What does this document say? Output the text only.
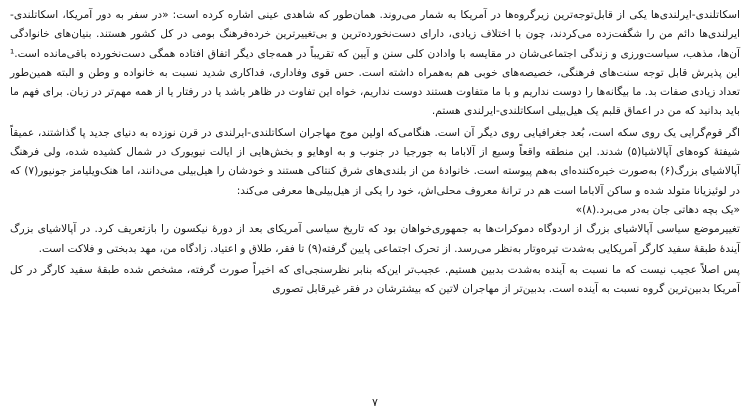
اسکاتلندی-ایرلندی‌ها یکی از قابل‌توجه‌ترین زیرگروه‌ها در آمریکا به شمار می‌روند. همان‌طور که شاهدی عینی اشاره کرده است: «در سفر به دور آمریکا، اسکاتلندی-ایرلندی‌ها دائم من را شگفت‌زده می‌کردند، چون با اختلاف زیادی، دارای دست‌نخورده‌ترین و بی‌تغییرترین خرده‌فرهنگ بومی در کل کشور هستند. بنیان‌های خانوادگی آن‌ها، مذهب، سیاست‌ورزی و زندگی اجتماعی‌شان در مقایسه با وادادن کلی سنن و آیین که تقریباً در همه‌جای دیگر اتفاق افتاده همگی دست‌نخورده باقی‌مانده است.¹ این پذیرش قابل توجه سنت‌های فرهنگی، خصیصه‌های خوبی هم به‌همراه داشته است. حس قوی وفاداری، فداکاری شدید نسبت به خانواده و وطن و البته همین‌طور تعداد زیادی صفات بد. ما بیگانه‌ها را دوست نداریم و با ما متفاوت هستند دوست نداریم، خواه این تفاوت در ظاهر باشد یا در رفتار یا از همه مهم‌تر در زبان. برای فهم ما باید بدانید که من در اعماق قلبم یک هیل‌بیلی اسکاتلندی-ایرلندی هستم.

اگر قوم‌گرایی یک روی سکه است، بُعد جغرافیایی روی دیگر آن است. هنگامی‌که اولین موج مهاجران اسکاتلندی-ایرلندی در قرن نوزده به دنیای جدید پا گذاشتند، عمیقاً شیفتهٔ کوه‌های آپالاشیا(۵) شدند. این منطقه واقعاً وسیع از آلاباما به جورجیا در جنوب و به اوهایو و بخش‌هایی از ایالت نیویورک در شمال کشیده شده، ولی فرهنگ آپالاشیای بزرگ(۶) به‌صورت خیره‌کننده‌ای به‌هم پیوسته است. خانوادهٔ من از بلندی‌های شرق کنتاکی هستند و خودشان را هیل‌بیلی می‌دانند، اما هنک‌ویلیامز جونیور(۷) که در لوئیزیانا متولد شده و ساکن آلاباما است هم در ترانهٔ معروف محلی‌اش، خود را یکی از هیل‌بیلی‌ها معرفی می‌کند:

«یک بچه دهاتی جان به‌در می‌برد.(۸)»

تغییرموضع سیاسی آپالاشیای بزرگ از اردوگاه دموکرات‌ها به جمهوری‌خواهان بود که تاریخ سیاسی آمریکای بعد از دورهٔ نیکسون را بازتعریف کرد. در آپالاشیای بزرگ آیندهٔ طبقهٔ سفید کارگر آمریکایی به‌شدت تیره‌وتار به‌نظر می‌رسد. از تحرک اجتماعی پایین گرفته(۹) تا فقر، طلاق و اعتیاد. زادگاه من، مهد بدبختی و فلاکت است.

پس اصلاً عجیب نیست که ما نسبت به آینده به‌شدت بدبین هستیم. عجیب‌تر این‌که بنابر نظرسنجی‌ای که اخیراً صورت گرفته، مشخص شده طبقهٔ سفید کارگر در کل آمریکا بدبین‌ترین گروه نسبت به آینده است. بدبین‌تر از مهاجران لاتین که بیشترشان در فقر غیرقابل تصوری

۷
